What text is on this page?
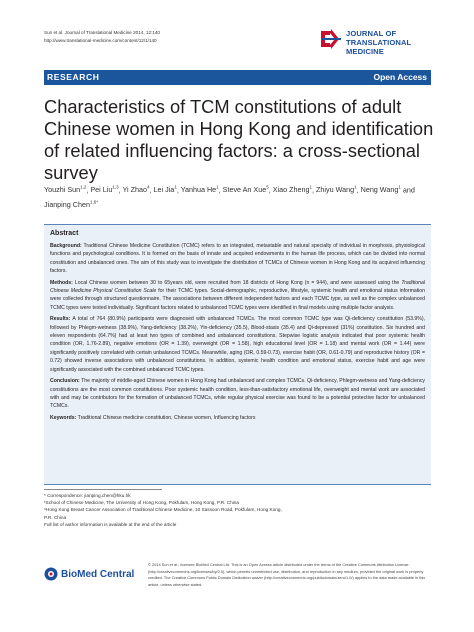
Sun et al. Journal of Translational Medicine 2014, 12:140
http://www.translational-medicine.com/content/12/1/140
JOURNAL OF
TRANSLATIONAL MEDICINE
RESEARCH	Open Access
Characteristics of TCM constitutions of adult Chinese women in Hong Kong and identification of related influencing factors: a cross-sectional survey
Youzhi Sun$^{1,2}$, Pei Liu$^{1,3}$, Yi Zhao$^4$, Lei Jia$^1$, Yanhua He$^1$, Steve An Xue$^5$, Xiao Zheng$^1$, Zhiyu Wang$^1$, Neng Wang$^1$ and Jianping Chen$^{1,6*}$
Abstract

Background: Traditional Chinese Medicine Constitution (TCMC) refers to an integrated, metastable and natural specialty of individual in morphosis, physiological functions and psychological conditions. It is formed on the basis of innate and acquired endowments in the human life process, which can be divided into normal constitution and unbalanced ones. The aim of this study was to investigate the distribution of TCMCs of Chinese women in Hong Kong and its acquired influencing factors.

Methods: Local Chinese women between 30 to 65years old, were recruited from 18 districts of Hong Kong (n = 944), and were assessed using the Traditional Chinese Medicine Physical Constitution Scale for their TCMC types. Social-demographic, reproductive, lifestyle, systemic health and emotional status information were collected through structured questionnaire. The associations between different independent factors and each TCMC type, as well as the complex unbalanced TCMC types were tested individually. Significant factors related to unbalanced TCMC types were identified in final models using multiple factor analysis.

Results: A total of 764 (80.9%) participants were diagnosed with unbalanced TCMCs. The most common TCMC type was Qi-deficiency constitution (53.9%), followed by Phlegm-wetness (38.9%), Yang-deficiency (38.2%), Yin-deficiency (35.5), Blood-stasis (35.4) and Qi-depressed (31%) constitution. Six hundred and eleven respondents (64.7%) had at least two types of combined and unbalanced constitutions. Stepwise logistic analysis indicated that poor systemic health condition (OR, 1.76-2.89), negative emotions (OR = 1.39), overweight (OR = 1.58), high educational level (OR = 1.18) and mental work (OR = 1.44) were significantly positively correlated with certain unbalanced TCMCs. Meanwhile, aging (OR, 0.59-0.73), exercise habit (OR, 0.61-0.79) and reproductive history (OR = 0.72) showed inverse associations with unbalanced constitutions. In addition, systemic health condition and emotional status, exercise habit and age were significantly associated with the combined unbalanced TCMC types.

Conclusion: The majority of middle-aged Chinese women in Hong Kong had unbalanced and complex TCMCs. Qi-deficiency, Phlegm-wetness and Yang-deficiency constitutions are the most common constitutions. Poor systemic health condition, less-than-satisfactory emotional life, overweight and mental work are associated with and may be contributors for the formation of unbalanced TCMCs, while regular physical exercise was found to be a potential protective factor for unbalanced TCMCs.

Keywords: Traditional Chinese medicine constitution, Chinese women, Influencing factors

* Correspondence: jianping.chen@hku.hk
¹School of Chinese Medicine, The University of Hong Kong, Pokfulam, Hong Kong, P.R. China
⁶Hong Kong Breast Cancer Association of Traditional Chinese Medicine, 10 Sassoon Road, Pokfulam, Hong Kong, P.R. China
Full list of author information is available at the end of the article
BioMed Central
© 2014 Sun et al.; licensee BioMed Central Ltd. This is an Open Access article distributed under the terms of the Creative Commons Attribution License (http://creativecommons.org/licenses/by/2.0), which permits unrestricted use, distribution, and reproduction in any medium, provided the original work is properly credited. The Creative Commons Public Domain Dedication waiver (http://creativecommons.org/publicdomain/zero/1.0/) applies to the data made available in this article, unless otherwise stated.
